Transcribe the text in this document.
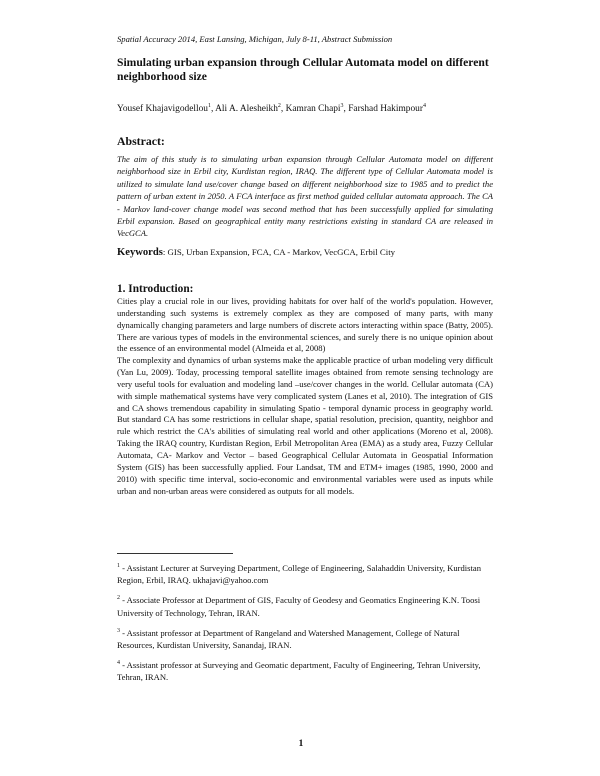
Spatial Accuracy 2014, East Lansing, Michigan, July 8-11, Abstract Submission
Simulating urban expansion through Cellular Automata model on different neighborhood size
Yousef Khajavigodellou$^1$, Ali A. Alesheikh$^2$, Kamran Chapi$^3$, Farshad Hakimpour$^4$
Abstract:
The aim of this study is to simulating urban expansion through Cellular Automata model on different neighborhood size in Erbil city, Kurdistan region, IRAQ. The different type of Cellular Automata model is utilized to simulate land use/cover change based on different neighborhood size to 1985 and to predict the pattern of urban extent in 2050. A FCA interface as first method guided cellular automata approach. The CA - Markov land-cover change model was second method that has been successfully applied for simulating Erbil expansion. Based on geographical entity many restrictions existing in standard CA are released in VecGCA.
Keywords: GIS, Urban Expansion, FCA, CA - Markov, VecGCA, Erbil City
1. Introduction:

Cities play a crucial role in our lives, providing habitats for over half of the world's population. However, understanding such systems is extremely complex as they are composed of many parts, with many dynamically changing parameters and large numbers of discrete actors interacting within space (Batty, 2005). There are various types of models in the environmental sciences, and surely there is no unique opinion about the essence of an environmental model (Almeida et al, 2008)

The complexity and dynamics of urban systems make the applicable practice of urban modeling very difficult (Yan Lu, 2009). Today, processing temporal satellite images obtained from remote sensing technology are very useful tools for evaluation and modeling land –use/cover changes in the world. Cellular automata (CA) with simple mathematical systems have very complicated system (Lanes et al, 2010). The integration of GIS and CA shows tremendous capability in simulating Spatio - temporal dynamic process in geography world. But standard CA has some restrictions in cellular shape, spatial resolution, precision, quantity, neighbor and rule which restrict the CA's abilities of simulating real world and other applications (Moreno et al, 2008). Taking the IRAQ country, Kurdistan Region, Erbil Metropolitan Area (EMA) as a study area, Fuzzy Cellular Automata, CA- Markov and Vector – based Geographical Cellular Automata in Geospatial Information System (GIS) has been successfully applied. Four Landsat, TM and ETM+ images (1985, 1990, 2000 and 2010) with specific time interval, socio-economic and environmental variables were used as inputs while urban and non-urban areas were considered as outputs for all models.

$^1$ - Assistant Lecturer at Surveying Department, College of Engineering, Salahaddin University, Kurdistan Region, Erbil, IRAQ. ukhajavi@yahoo.com

$^2$ - Associate Professor at Department of GIS, Faculty of Geodesy and Geomatics Engineering K.N. Toosi University of Technology, Tehran, IRAN.

$^3$ - Assistant professor at Department of Rangeland and Watershed Management, College of Natural Resources, Kurdistan University, Sanandaj, IRAN.

$^4$ - Assistant professor at Surveying and Geomatic department, Faculty of Engineering, Tehran University, Tehran, IRAN.

1
